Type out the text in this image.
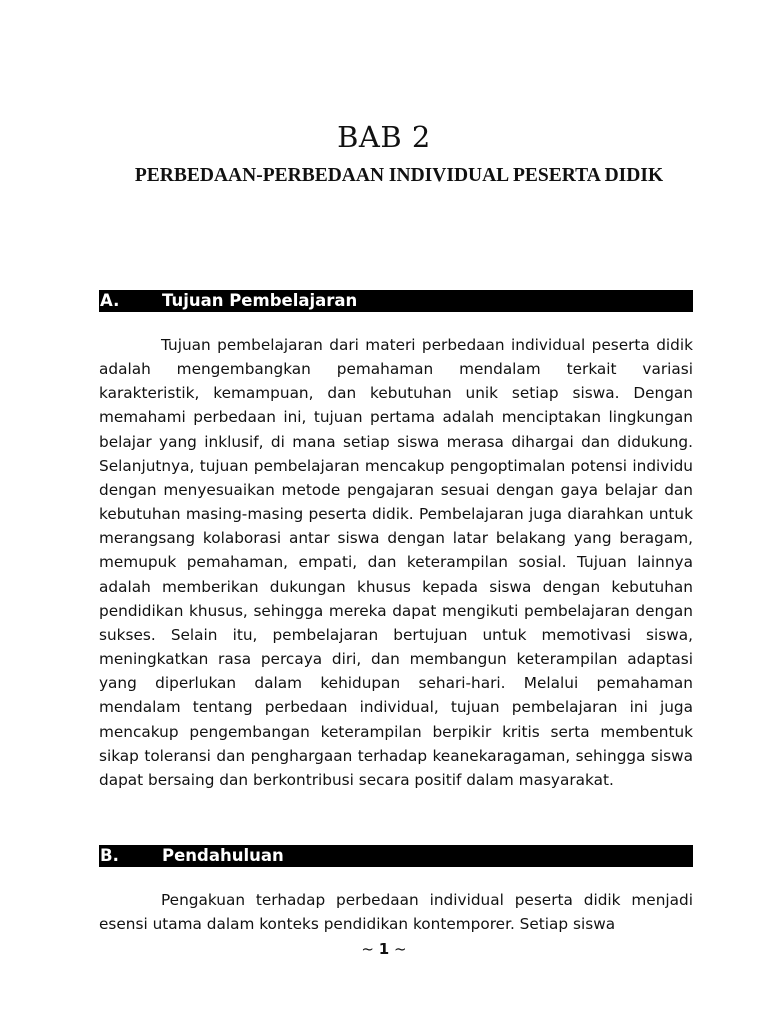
BAB 2
PERBEDAAN-PERBEDAAN INDIVIDUAL PESERTA DIDIK
A.	Tujuan Pembelajaran

Tujuan pembelajaran dari materi perbedaan individual peserta didik adalah mengembangkan pemahaman mendalam terkait variasi karakteristik, kemampuan, dan kebutuhan unik setiap siswa. Dengan memahami perbedaan ini, tujuan pertama adalah menciptakan lingkungan belajar yang inklusif, di mana setiap siswa merasa dihargai dan didukung. Selanjutnya, tujuan pembelajaran mencakup pengoptimalan potensi individu dengan menyesuaikan metode pengajaran sesuai dengan gaya belajar dan kebutuhan masing-masing peserta didik. Pembelajaran juga diarahkan untuk merangsang kolaborasi antar siswa dengan latar belakang yang beragam, memupuk pemahaman, empati, dan keterampilan sosial. Tujuan lainnya adalah memberikan dukungan khusus kepada siswa dengan kebutuhan pendidikan khusus, sehingga mereka dapat mengikuti pembelajaran dengan sukses. Selain itu, pembelajaran bertujuan untuk memotivasi siswa, meningkatkan rasa percaya diri, dan membangun keterampilan adaptasi yang diperlukan dalam kehidupan sehari-hari. Melalui pemahaman mendalam tentang perbedaan individual, tujuan pembelajaran ini juga mencakup pengembangan keterampilan berpikir kritis serta membentuk sikap toleransi dan penghargaan terhadap keanekaragaman, sehingga siswa dapat bersaing dan berkontribusi secara positif dalam masyarakat.

B.	Pendahuluan

Pengakuan terhadap perbedaan individual peserta didik menjadi esensi utama dalam konteks pendidikan kontemporer. Setiap siswa

~ 1 ~
